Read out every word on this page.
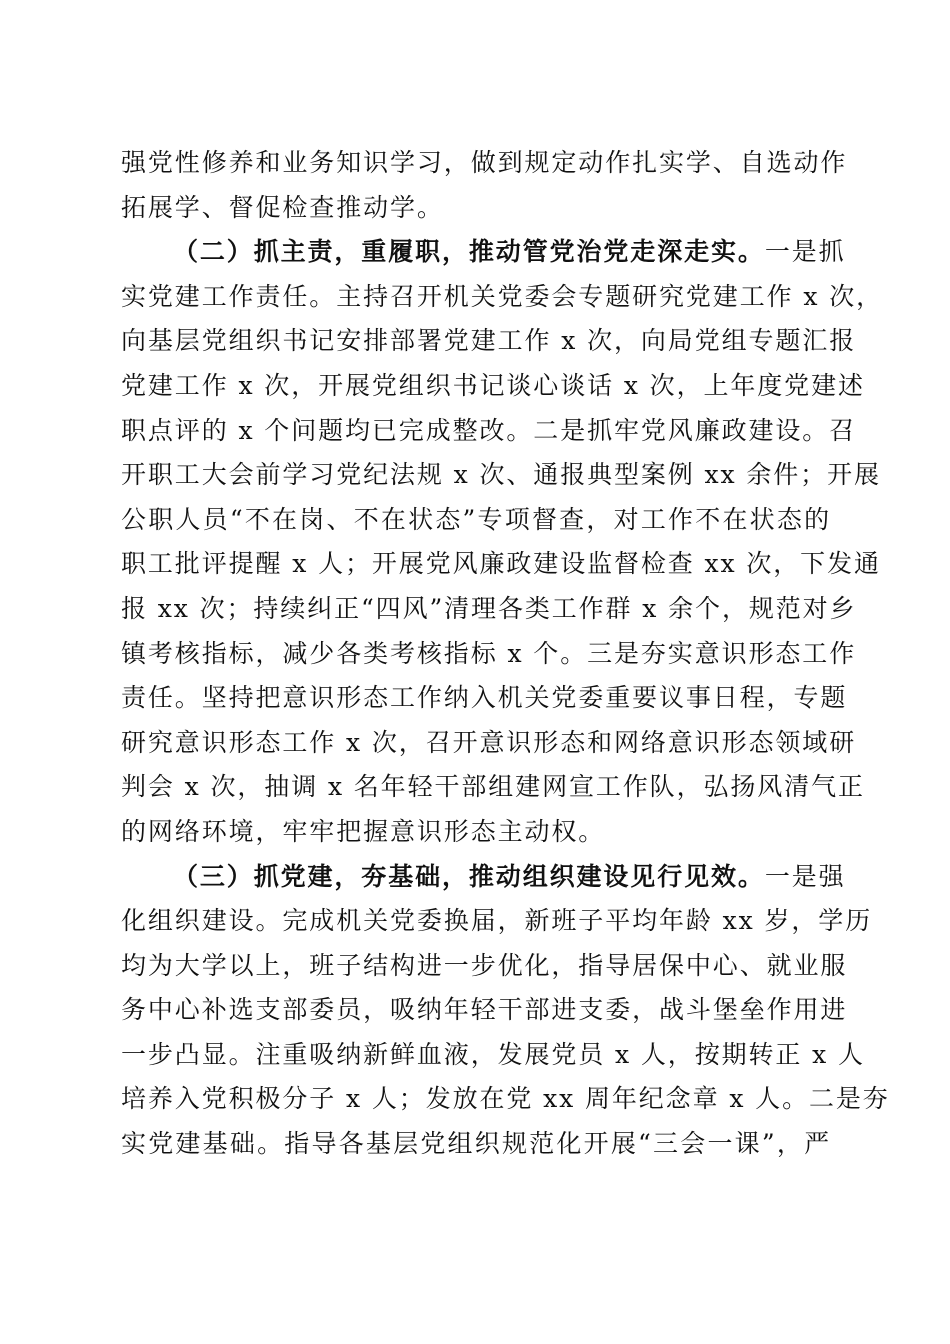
强党性修养和业务知识学习，做到规定动作扎实学、自选动作
拓展学、督促检查推动学。
（二）抓主责，重履职，推动管党治党走深走实。一是抓
实党建工作责任。主持召开机关党委会专题研究党建工作 x 次，
向基层党组织书记安排部署党建工作 x 次，向局党组专题汇报
党建工作 x 次，开展党组织书记谈心谈话 x 次，上年度党建述
职点评的 x 个问题均已完成整改。二是抓牢党风廉政建设。召
开职工大会前学习党纪法规 x 次、通报典型案例 xx 余件；开展
公职人员“不在岗、不在状态”专项督查，对工作不在状态的
职工批评提醒 x 人；开展党风廉政建设监督检查 xx 次，下发通
报 xx 次；持续纠正“四风”清理各类工作群 x 余个，规范对乡
镇考核指标，减少各类考核指标 x 个。三是夯实意识形态工作
责任。坚持把意识形态工作纳入机关党委重要议事日程，专题
研究意识形态工作 x 次，召开意识形态和网络意识形态领域研
判会 x 次，抽调 x 名年轻干部组建网宣工作队，弘扬风清气正
的网络环境，牢牢把握意识形态主动权。
（三）抓党建，夯基础，推动组织建设见行见效。一是强
化组织建设。完成机关党委换届，新班子平均年龄 xx 岁，学历
均为大学以上，班子结构进一步优化，指导居保中心、就业服
务中心补选支部委员，吸纳年轻干部进支委，战斗堡垒作用进
一步凸显。注重吸纳新鲜血液，发展党员 x 人，按期转正 x 人
培养入党积极分子 x 人；发放在党 xx 周年纪念章 x 人。二是夯
实党建基础。指导各基层党组织规范化开展“三会一课”，严
